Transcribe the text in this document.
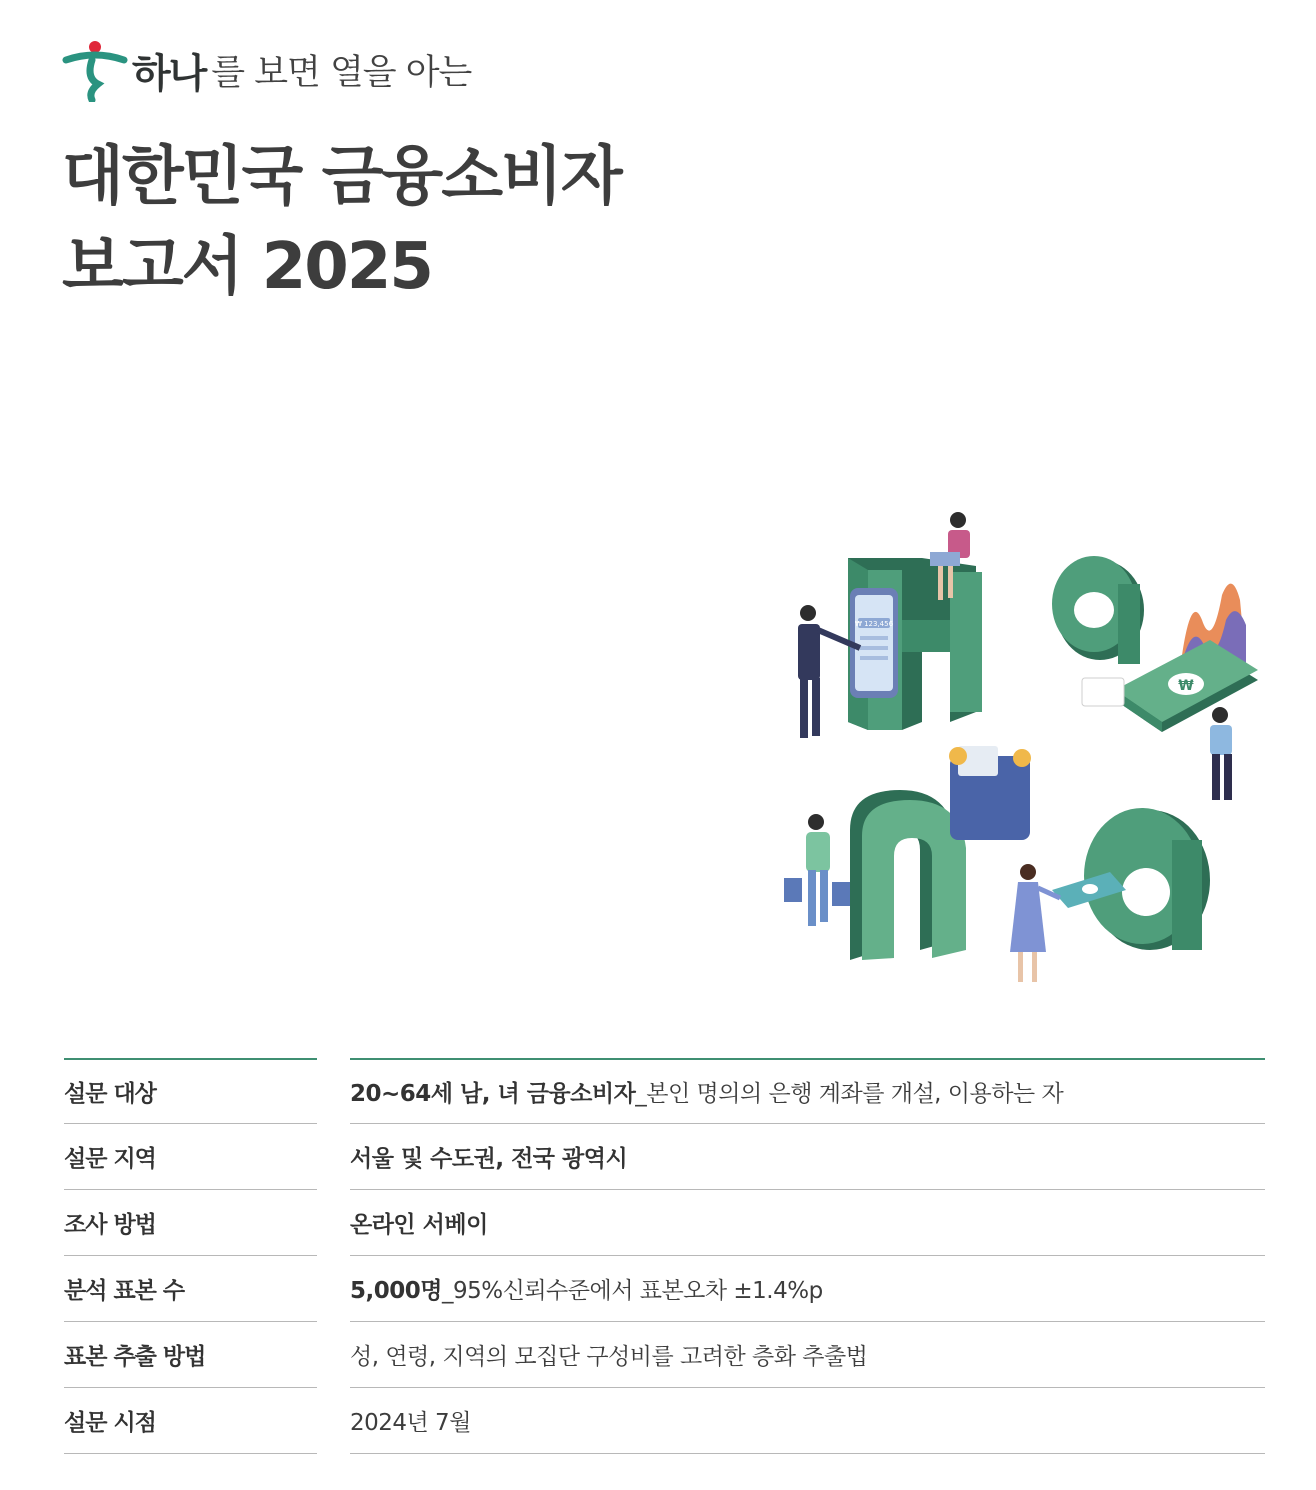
하나 를 보면 열을 아는
대한민국 금융소비자
보고서 2025
₩ 123,456
₩
설문 대상	20~64세 남, 녀 금융소비자 _본인 명의의 은행 계좌를 개설, 이용하는 자
설문 지역	서울 및 수도권, 전국 광역시
조사 방법	온라인 서베이
분석 표본 수	5,000명 _95%신뢰수준에서 표본오차 ±1.4%p
표본 추출 방법	성, 연령, 지역의 모집단 구성비를 고려한 층화 추출법
설문 시점	2024년 7월
